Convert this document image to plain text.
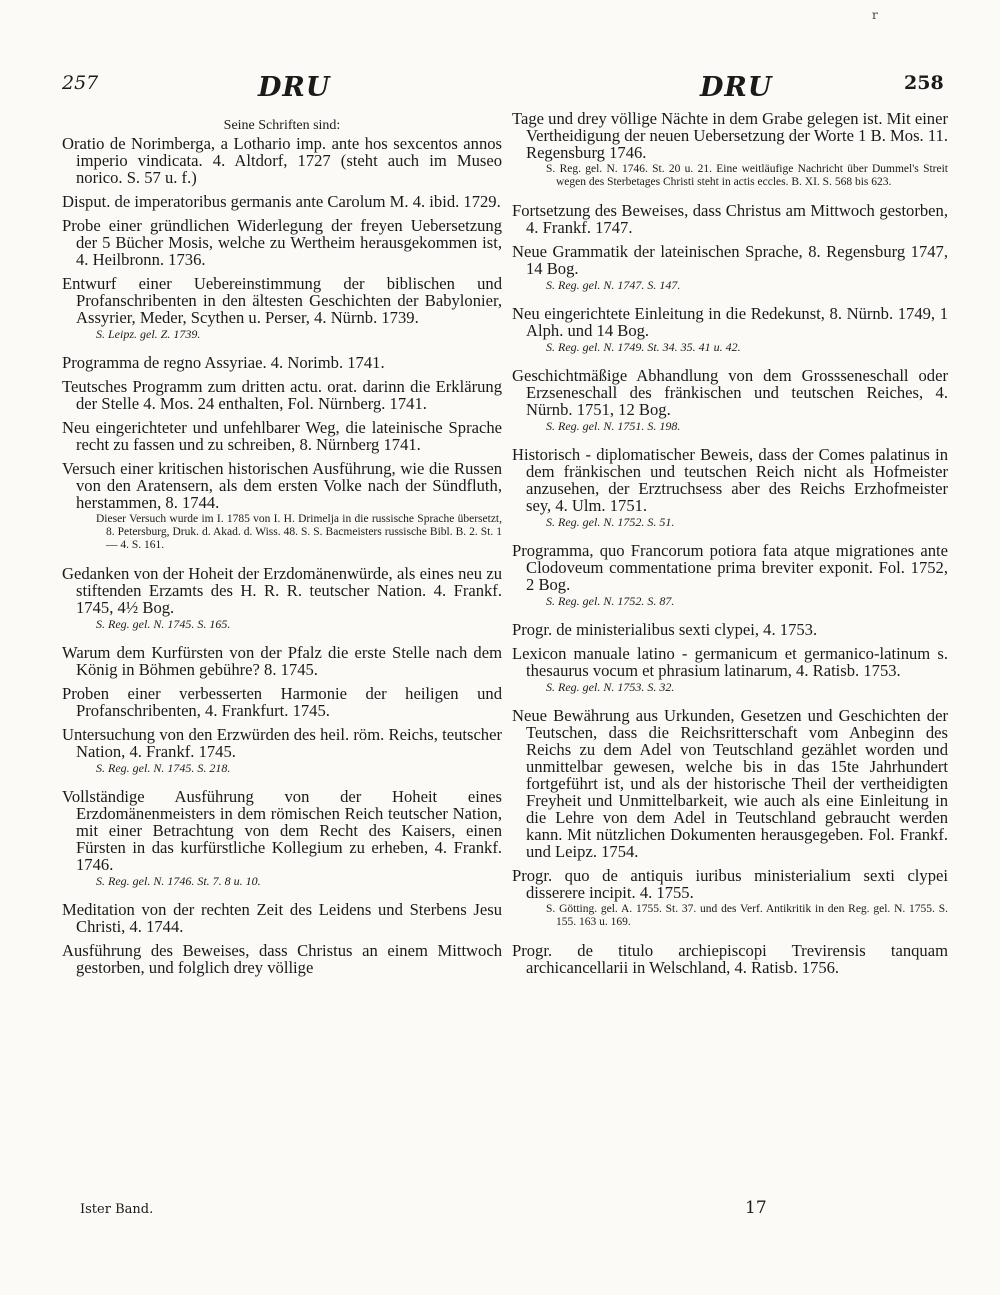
r
257	DRU	DRU	258

Seine Schriften sind:

Oratio de Norimberga, a Lothario imp. ante hos sexcentos annos imperio vindicata. 4. Altdorf, 1727 (steht auch im Museo norico. S. 57 u. f.)

Disput. de imperatoribus germanis ante Carolum M. 4. ibid. 1729.

Probe einer gründlichen Widerlegung der freyen Uebersetzung der 5 Bücher Mosis, welche zu Wertheim herausgekommen ist, 4. Heilbronn. 1736.

Entwurf einer Uebereinstimmung der biblischen und Profanschribenten in den ältesten Geschichten der Babylonier, Assyrier, Meder, Scythen u. Perser, 4. Nürnb. 1739.

S. Leipz. gel. Z. 1739.

Programma de regno Assyriae. 4. Norimb. 1741.

Teutsches Programm zum dritten actu. orat. darinn die Erklärung der Stelle 4. Mos. 24 enthalten, Fol. Nürnberg. 1741.

Neu eingerichteter und unfehlbarer Weg, die lateinische Sprache recht zu fassen und zu schreiben, 8. Nürnberg 1741.

Versuch einer kritischen historischen Ausführung, wie die Russen von den Aratensern, als dem ersten Volke nach der Sündfluth, herstammen, 8. 1744.

Dieser Versuch wurde im I. 1785 von I. H. Drimelja in die russische Sprache übersetzt, 8. Petersburg, Druk. d. Akad. d. Wiss. 48. S. S. Bacmeisters russische Bibl. B. 2. St. 1 — 4. S. 161.

Gedanken von der Hoheit der Erzdomänenwürde, als eines neu zu stiftenden Erzamts des H. R. R. teutscher Nation. 4. Frankf. 1745, 4½ Bog.

S. Reg. gel. N. 1745. S. 165.

Warum dem Kurfürsten von der Pfalz die erste Stelle nach dem König in Böhmen gebühre? 8. 1745.

Proben einer verbesserten Harmonie der heiligen und Profanschribenten, 4. Frankfurt. 1745.

Untersuchung von den Erzwürden des heil. röm. Reichs, teutscher Nation, 4. Frankf. 1745.

S. Reg. gel. N. 1745. S. 218.

Vollständige Ausführung von der Hoheit eines Erzdomänenmeisters in dem römischen Reich teutscher Nation, mit einer Betrachtung von dem Recht des Kaisers, einen Fürsten in das kurfürstliche Kollegium zu erheben, 4. Frankf. 1746.

S. Reg. gel. N. 1746. St. 7. 8 u. 10.

Meditation von der rechten Zeit des Leidens und Sterbens Jesu Christi, 4. 1744.

Ausführung des Beweises, dass Christus an einem Mittwoch gestorben, und folglich drey völlige

Tage und drey völlige Nächte in dem Grabe gelegen ist. Mit einer Vertheidigung der neuen Uebersetzung der Worte 1 B. Mos. 11. Regensburg 1746.

S. Reg. gel. N. 1746. St. 20 u. 21. Eine weitläufige Nachricht über Dummel's Streit wegen des Sterbetages Christi steht in actis eccles. B. XI. S. 568 bis 623.

Fortsetzung des Beweises, dass Christus am Mittwoch gestorben, 4. Frankf. 1747.

Neue Grammatik der lateinischen Sprache, 8. Regensburg 1747, 14 Bog.

S. Reg. gel. N. 1747. S. 147.

Neu eingerichtete Einleitung in die Redekunst, 8. Nürnb. 1749, 1 Alph. und 14 Bog.

S. Reg. gel. N. 1749. St. 34. 35. 41 u. 42.

Geschichtmäßige Abhandlung von dem Grossseneschall oder Erzseneschall des fränkischen und teutschen Reiches, 4. Nürnb. 1751, 12 Bog.

S. Reg. gel. N. 1751. S. 198.

Historisch - diplomatischer Beweis, dass der Comes palatinus in dem fränkischen und teutschen Reich nicht als Hofmeister anzusehen, der Erztruchsess aber des Reichs Erzhofmeister sey, 4. Ulm. 1751.

S. Reg. gel. N. 1752. S. 51.

Programma, quo Francorum potiora fata atque migrationes ante Clodoveum commentatione prima breviter exponit. Fol. 1752, 2 Bog.

S. Reg. gel. N. 1752. S. 87.

Progr. de ministerialibus sexti clypei, 4. 1753.

Lexicon manuale latino - germanicum et germanico-latinum s. thesaurus vocum et phrasium latinarum, 4. Ratisb. 1753.

S. Reg. gel. N. 1753. S. 32.

Neue Bewährung aus Urkunden, Gesetzen und Geschichten der Teutschen, dass die Reichsritterschaft vom Anbeginn des Reichs zu dem Adel von Teutschland gezählet worden und unmittelbar gewesen, welche bis in das 15te Jahrhundert fortgeführt ist, und als der historische Theil der vertheidigten Freyheit und Unmittelbarkeit, wie auch als eine Einleitung in die Lehre von dem Adel in Teutschland gebraucht werden kann. Mit nützlichen Dokumenten herausgegeben. Fol. Frankf. und Leipz. 1754.

Progr. quo de antiquis iuribus ministerialium sexti clypei disserere incipit. 4. 1755.

S. Götting. gel. A. 1755. St. 37. und des Verf. Antikritik in den Reg. gel. N. 1755. S. 155. 163 u. 169.

Progr. de titulo archiepiscopi Trevirensis tanquam archicancellarii in Welschland, 4. Ratisb. 1756.

Ister Band.	17
